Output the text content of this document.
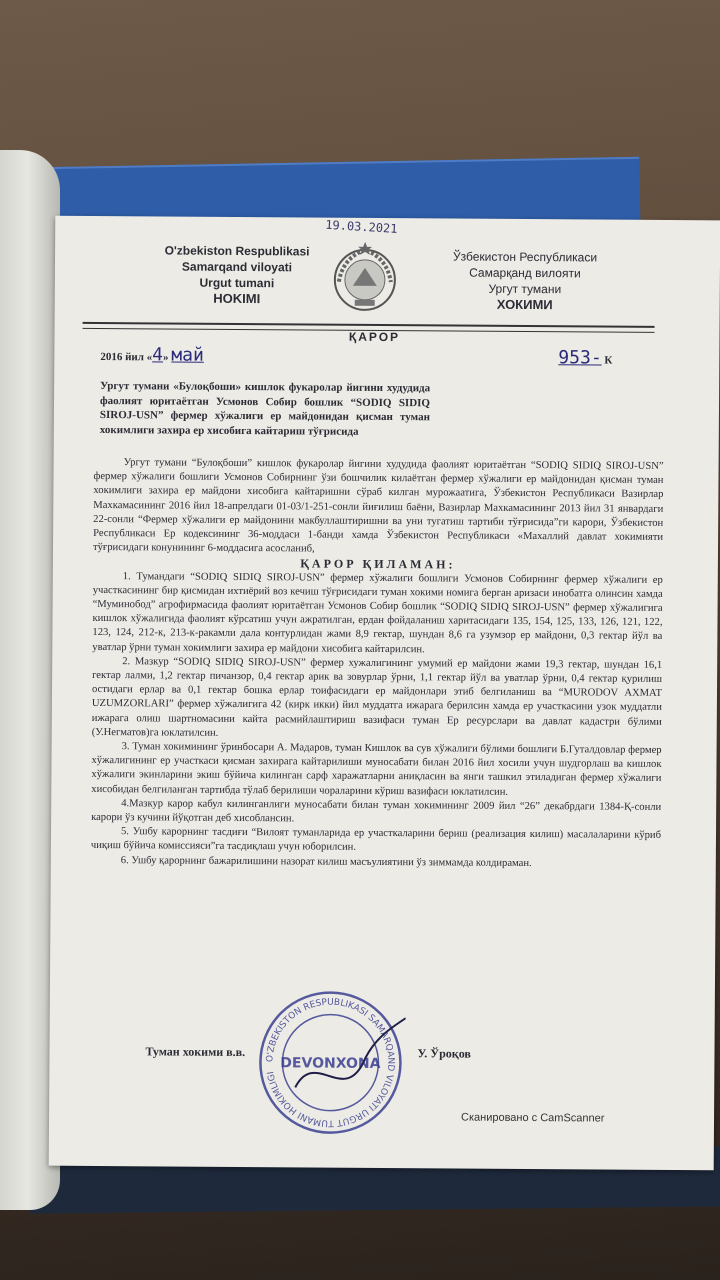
19.03.2021
O'zbekiston Respublikasi
Samarqand viloyati
Urgut tumani
HOKIMI
Ўзбекистон Республикаси
Самарқанд вилояти
Ургут тумани
ХОКИМИ
ҚАРОР
2016 йил «4» май	953- К
Ургут тумани «Булоқбоши» кишлок фукаролар йигини худудида фаолият юритаётган Усмонов Собир бошлик “SODIQ SIDIQ SIROJ-USN” фермер хўжалиги ер майдонидан қисман туман хокимлиги захира ер хисобига кайтариш тўғрисида

Ургут тумани “Булоқбоши” кишлок фукаролар йигини худудида фаолият юритаётган “SODIQ SIDIQ SIROJ-USN” фермер хўжалиги бошлиги Усмонов Собирнинг ўзи бошчилик килаётган фермер хўжалиги ер майдонидан қисман туман хокимлиги захира ер майдони хисобига кайтаришни сўраб килган мурожаатига, Ўзбекистон Республикаси Вазирлар Махкамасининг 2016 йил 18-апрелдаги 01-03/1-251-сонли йиғилиш баёни, Вазирлар Махкамасининг 2013 йил 31 январдаги 22-сонли “Фермер хўжалиги ер майдонини макбуллаштиришни ва уни тугатиш тартиби тўғрисида”ги карори, Ўзбекистон Республикаси Ер кодексининг 36-моддаси 1-банди хамда Ўзбекистон Республикаси «Махаллий давлат хокимияти тўғрисидаги конунининг 6-моддасига асосланиб,

ҚАРОР ҚИЛАМАН:

1. Тумандаги “SODIQ SIDIQ SIROJ-USN” фермер хўжалиги бошлиги Усмонов Собирнинг фермер хўжалиги ер участкасининг бир қисмидан ихтиёрий воз кечиш тўғрисидаги туман хокими номига берган аризаси инобатга олинсин хамда “Муминобод” агрофирмасида фаолият юритаётган Усмонов Собир бошлик “SODIQ SIDIQ SIROJ-USN” фермер хўжалигига кишлок хўжалигида фаолият кўрсатиш учун ажратилган, ердан фойдаланиш харитасидаги 135, 154, 125, 133, 126, 121, 122, 123, 124, 212-к, 213-к-ракамли дала контурлидан жами 8,9 гектар, шундан 8,6 га узумзор ер майдони, 0,3 гектар йўл ва уватлар ўрни туман хокимлиги захира ер майдони хисобига кайтарилсин.

2. Мазкур “SODIQ SIDIQ SIROJ-USN” фермер хужалигининг умумий ер майдони жами 19,3 гектар, шундан 16,1 гектар лалми, 1,2 гектар пичанзор, 0,4 гектар арик ва зовурлар ўрни, 1,1 гектар йўл ва уватлар ўрни, 0,4 гектар қурилиш остидаги ерлар ва 0,1 гектар бошка ерлар тоифасидаги ер майдонлари этиб белгиланиш ва “MURODOV AXMAT UZUMZORLARI” фермер хўжалигига 42 (кирк икки) йил муддатга ижарага берилсин хамда ер участкасини узок муддатли ижарага олиш шартномасини кайта расмийлаштириш вазифаси туман Ер ресурслари ва давлат кадастри бўлими (У.Негматов)га юклатилсин.

3. Туман хокимининг ўринбосари А. Мадаров, туман Кишлок ва сув хўжалиги бўлими бошлиги Б.Гуталдовлар фермер хўжалигининг ер участкаси қисман захирага кайтарилиши муносабати билан 2016 йил хосили учун шудгорлаш ва кишлок хўжалиги экинларини экиш бўйича килинган сарф харажатларни аниқласин ва янги ташкил этиладиган фермер хўжалиги хисобидан белгиланган тартибда тўлаб берилиши чораларини кўриш вазифаси юклатилсин.

4.Мазкур карор кабул килинганлиги муносабати билан туман хокимининг 2009 йил “26” декабрдаги 1384-Қ-сонли карори ўз кучини йўқотган деб хисоблансин.

5. Ушбу карорнинг тасдиғи “Вилоят туманларида ер участкаларини бериш (реализация килиш) масалаларини кўриб чиқиш бўйича комиссияси”га тасдиқлаш учун юборилсин.

6. Ушбу қарорнинг бажарилишини назорат килиш масъулиятини ўз зиммамда колдираман.

O'ZBEKISTON RESPUBLIKASI SAMARQAND VILOYATI URGUT TUMANI HOKIMLIGI
DEVONXONA
Туман хокими в.в.	У. Ўроқов
Сканировано с CamScanner
